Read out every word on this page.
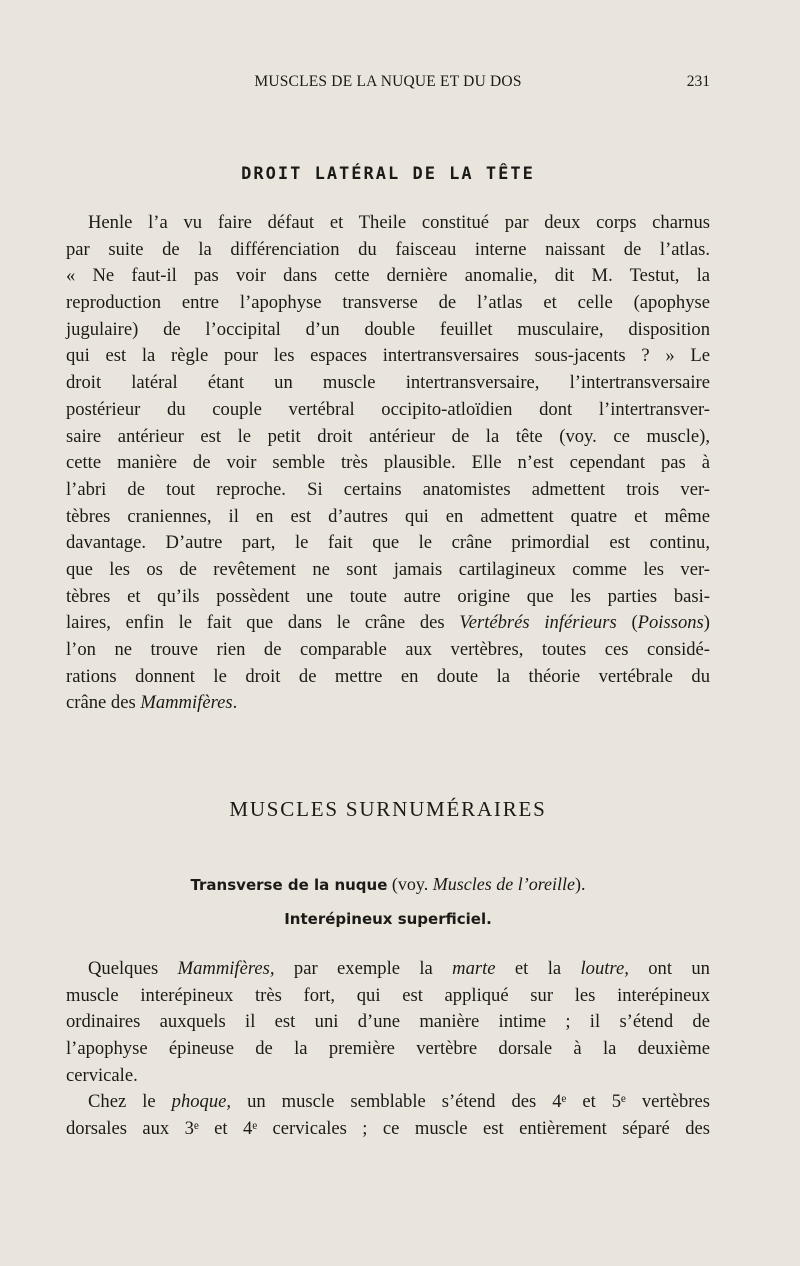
MUSCLES DE LA NUQUE ET DU DOS	231
DROIT LATÉRAL DE LA TÊTE
Henle l’a vu faire défaut et Theile constitué par deux corps charnus
par suite de la différenciation du faisceau interne naissant de l’atlas.
« Ne faut-il pas voir dans cette dernière anomalie, dit M. Testut, la
reproduction entre l’apophyse transverse de l’atlas et celle (apophyse
jugulaire) de l’occipital d’un double feuillet musculaire, disposition
qui est la règle pour les espaces intertransversaires sous-jacents ? » Le
droit latéral étant un muscle intertransversaire, l’intertransversaire
postérieur du couple vertébral occipito-atloïdien dont l’intertransver-
saire antérieur est le petit droit antérieur de la tête (voy. ce muscle),
cette manière de voir semble très plausible. Elle n’est cependant pas à
l’abri de tout reproche. Si certains anatomistes admettent trois ver-
tèbres craniennes, il en est d’autres qui en admettent quatre et même
davantage. D’autre part, le fait que le crâne primordial est continu,
que les os de revêtement ne sont jamais cartilagineux comme les ver-
tèbres et qu’ils possèdent une toute autre origine que les parties basi-
laires, enfin le fait que dans le crâne des Vertébrés inférieurs (Poissons)
l’on ne trouve rien de comparable aux vertèbres, toutes ces considé-
rations donnent le droit de mettre en doute la théorie vertébrale du
crâne des Mammifères.
MUSCLES SURNUMÉRAIRES
Transverse de la nuque (voy. Muscles de l’oreille).
Interépineux superficiel.
Quelques Mammifères, par exemple la marte et la loutre, ont un
muscle interépineux très fort, qui est appliqué sur les interépineux
ordinaires auxquels il est uni d’une manière intime ; il s’étend de
l’apophyse épineuse de la première vertèbre dorsale à la deuxième
cervicale.
Chez le phoque, un muscle semblable s’étend des 4ᵉ et 5ᵉ vertèbres
dorsales aux 3ᵉ et 4ᵉ cervicales ; ce muscle est entièrement séparé des
